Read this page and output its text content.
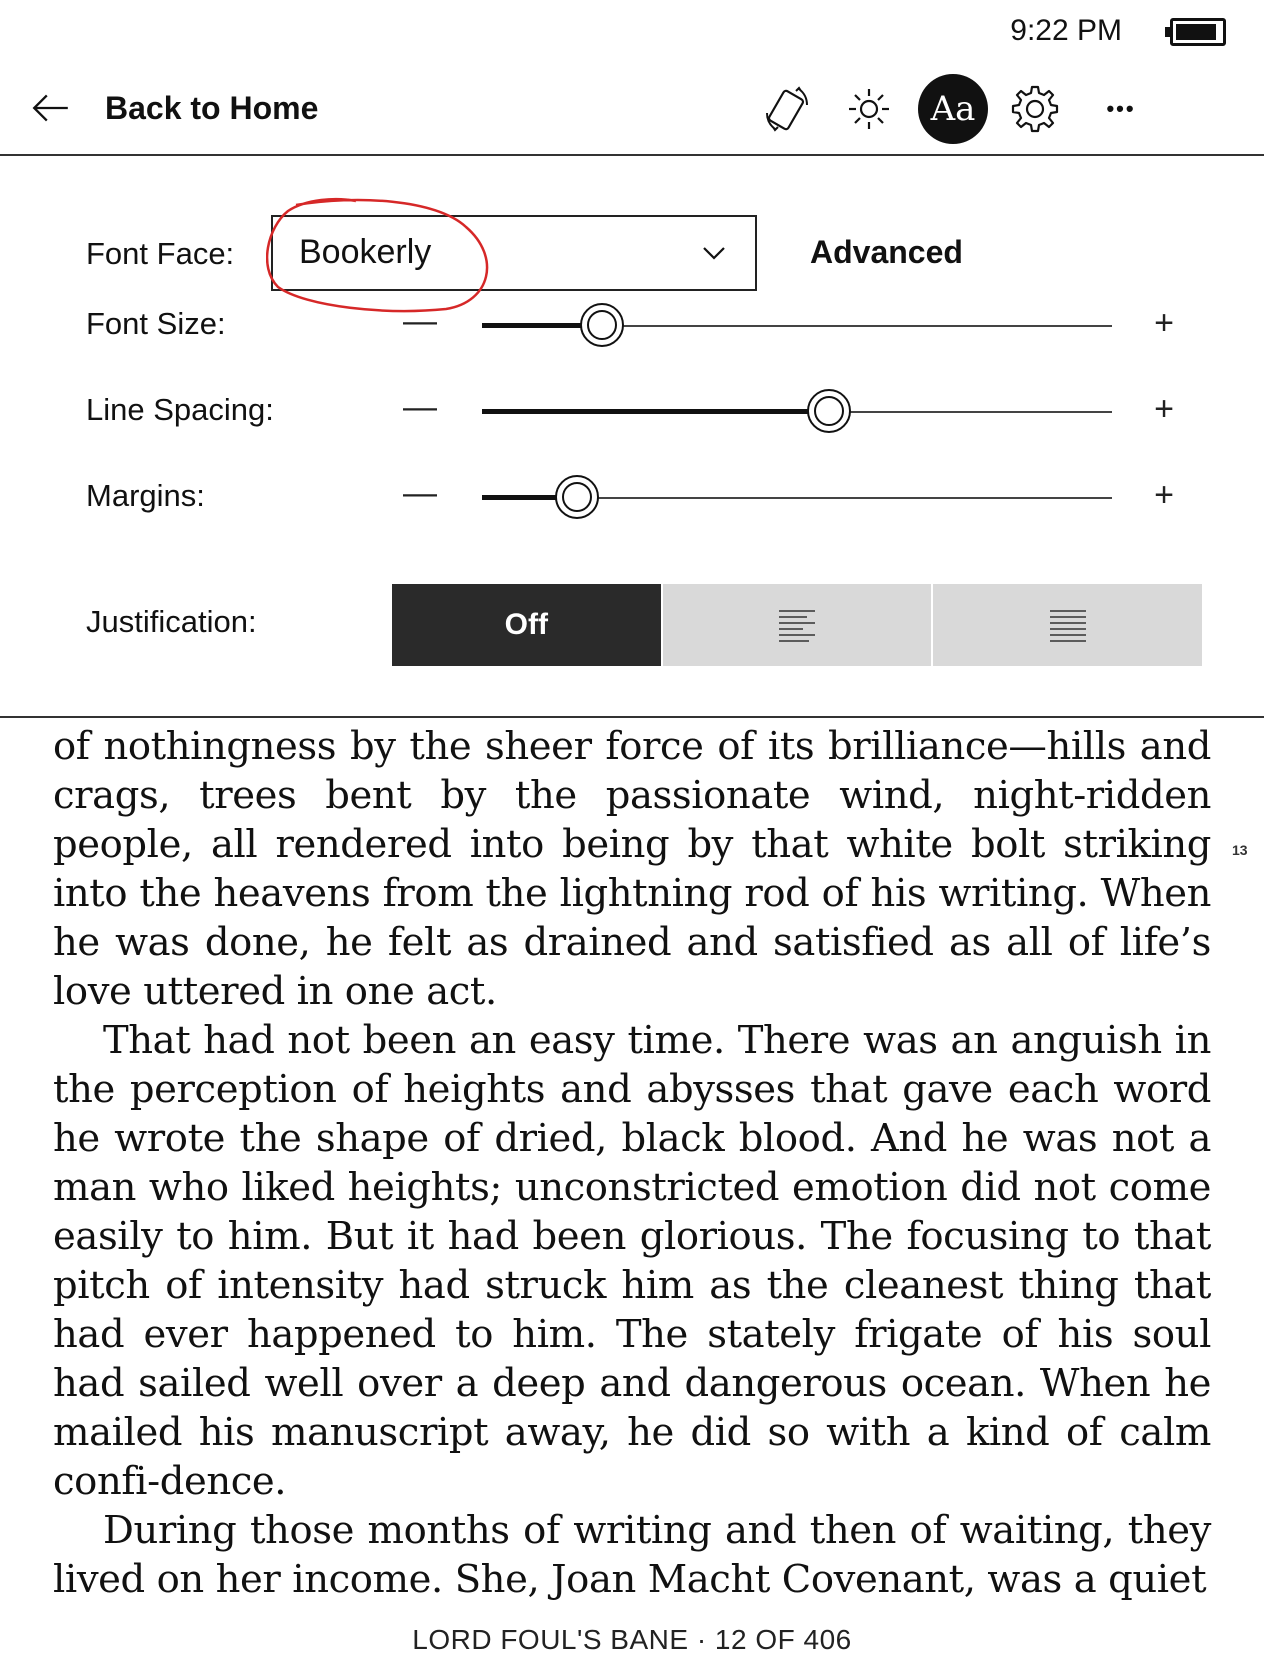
9:22 PM
Back to Home	Aa	•••
Font Face: Bookerly	Advanced
Font Size:	—	+
Line Spacing:	—	+
Margins:	—	+
Justification:	Off

of nothingness by the sheer force of its brilliance—hills and crags, trees bent by the passionate wind, night-ridden people, all rendered into being by that white bolt striking into the heavens from the lightning rod of his writing. When he was done, he felt as drained and satisfied as all of life’s love uttered in one act.

That had not been an easy time. There was an anguish in the perception of heights and abysses that gave each word he wrote the shape of dried, black blood. And he was not a man who liked heights; unconstricted emotion did not come easily to him. But it had been glorious. The focusing to that pitch of intensity had struck him as the cleanest thing that had ever happened to him. The stately frigate of his soul had sailed well over a deep and dangerous ocean. When he mailed his manuscript away, he did so with a kind of calm confi-dence.

During those months of writing and then of waiting, they lived on her income. She, Joan Macht Covenant, was a quiet

13
LORD FOUL'S BANE · 12 OF 406
